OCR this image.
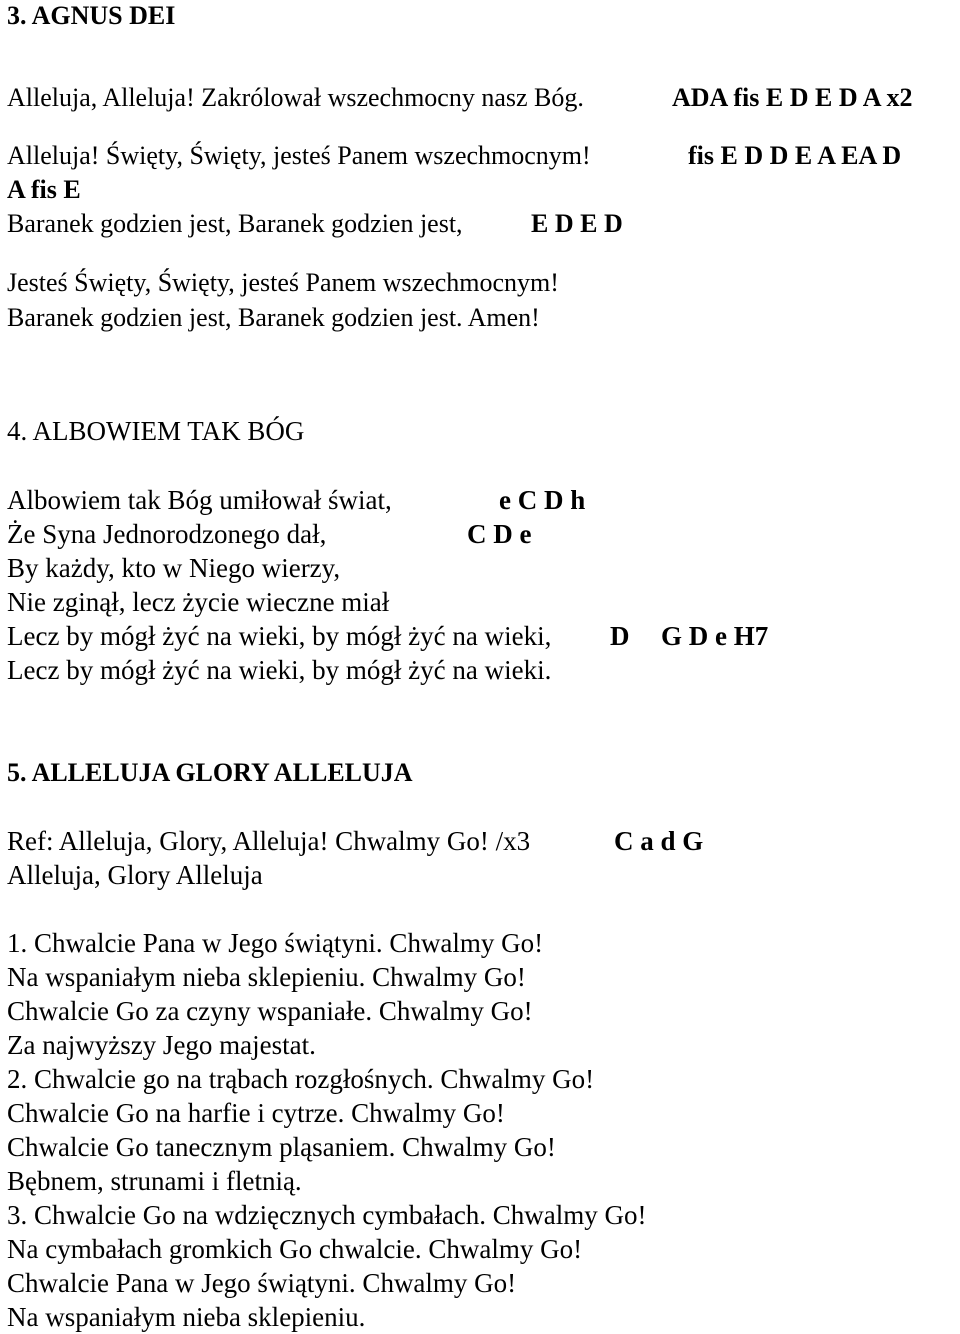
3. AGNUS DEI
Alleluja, Alleluja! Zakrólował wszechmocny nasz Bóg.	ADA fis E D E D A x2
Alleluja! Święty, Święty, jesteś Panem wszechmocnym!	fis E D D E A EA D
A fis E
Baranek godzien jest, Baranek godzien jest,	E D E D
Jesteś Święty, Święty, jesteś Panem wszechmocnym!
Baranek godzien jest, Baranek godzien jest. Amen!
4. ALBOWIEM TAK BÓG
Albowiem tak Bóg umiłował świat,	e C D h
Że Syna Jednorodzonego dał,	C D e
By każdy, kto w Niego wierzy,
Nie zginął, lecz życie wieczne miał
Lecz by mógł żyć na wieki, by mógł żyć na wieki, D G D e H7
Lecz by mógł żyć na wieki, by mógł żyć na wieki.
5. ALLELUJA GLORY ALLELUJA
Ref: Alleluja, Glory, Alleluja! Chwalmy Go! /x3	C a d G
Alleluja, Glory Alleluja
1. Chwalcie Pana w Jego świątyni. Chwalmy Go!
Na wspaniałym nieba sklepieniu. Chwalmy Go!
Chwalcie Go za czyny wspaniałe. Chwalmy Go!
Za najwyższy Jego majestat.
2. Chwalcie go na trąbach rozgłośnych. Chwalmy Go!
Chwalcie Go na harfie i cytrze. Chwalmy Go!
Chwalcie Go tanecznym pląsaniem. Chwalmy Go!
Bębnem, strunami i fletnią.
3. Chwalcie Go na wdzięcznych cymbałach. Chwalmy Go!
Na cymbałach gromkich Go chwalcie. Chwalmy Go!
Chwalcie Pana w Jego świątyni. Chwalmy Go!
Na wspaniałym nieba sklepieniu.
